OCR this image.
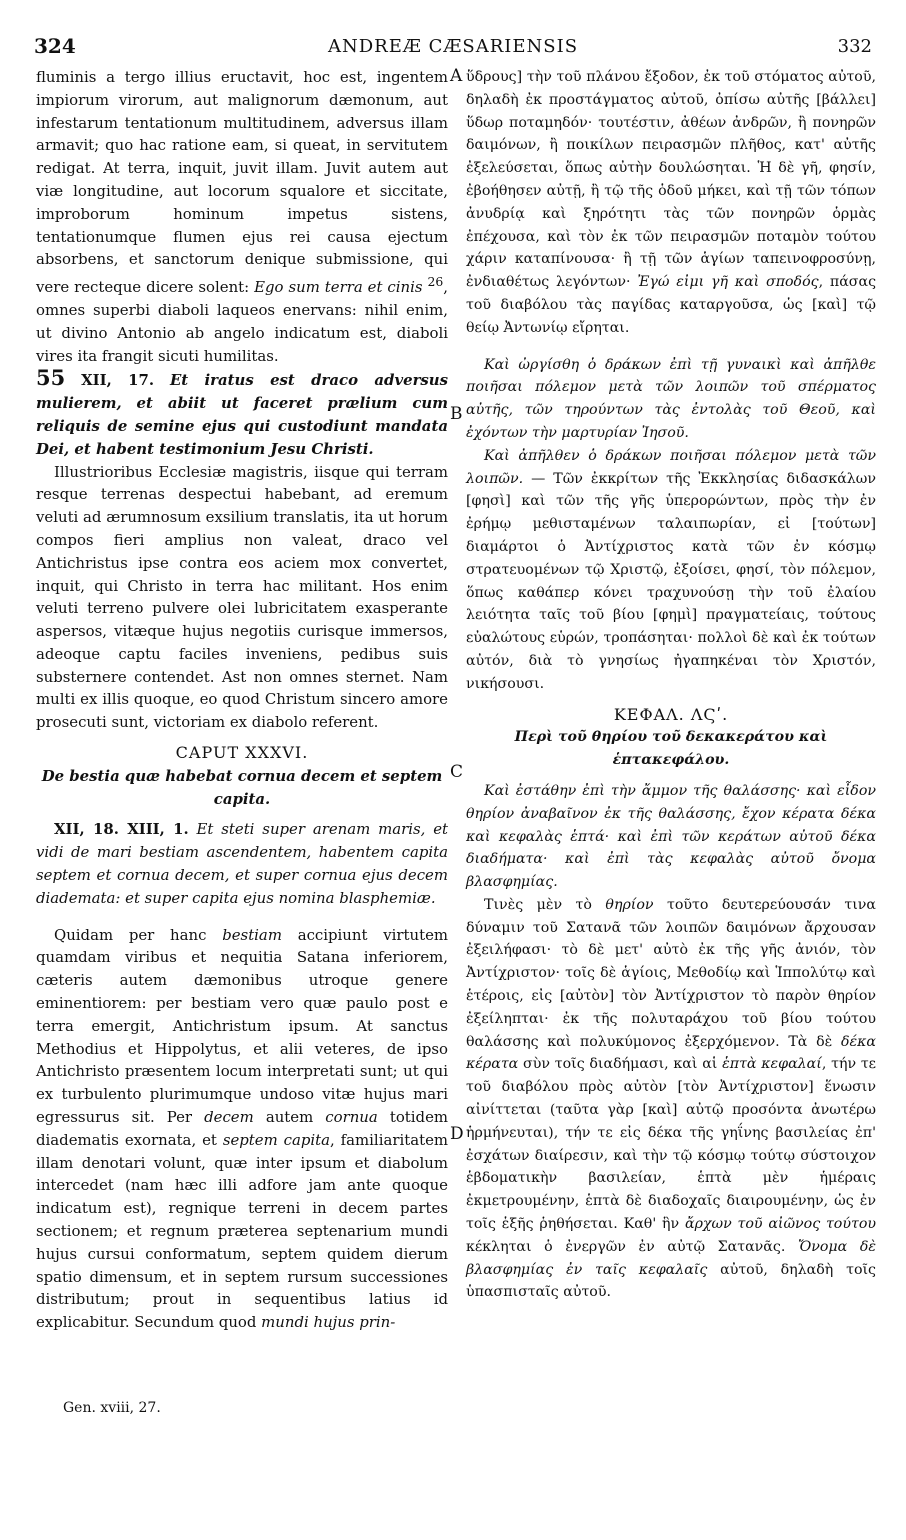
324	ANDREÆ CÆSARIENSIS	332
A
B
C
D

fluminis a tergo illius eructavit, hoc est, ingentem impiorum virorum, aut malignorum dæmonum, aut infestarum tentationum multitudinem, adversus illam armavit; quo hac ratione eam, si queat, in servitutem redigat. At terra, inquit, juvit illam. Juvit autem aut viæ longitudine, aut locorum squalore et siccitate, improborum hominum impetus sistens, tentationumque flumen ejus rei causa ejectum absorbens, et sanctorum denique submissione, qui vere recteque dicere solent: Ego sum terra et cinis $^{26}$, omnes superbi diaboli laqueos enervans: nihil enim, ut divino Antonio ab angelo indicatum est, diaboli vires ita frangit sicuti humilitas.

55 XII, 17. Et iratus est draco adversus mulierem, et abiit ut faceret prælium cum reliquis de semine ejus qui custodiunt mandata Dei, et habent testimonium Jesu Christi.

Illustrioribus Ecclesiæ magistris, iisque qui terram resque terrenas despectui habebant, ad eremum veluti ad ærumnosum exsilium translatis, ita ut horum compos fieri amplius non valeat, draco vel Antichristus ipse contra eos aciem mox convertet, inquit, qui Christo in terra hac militant. Hos enim veluti terreno pulvere olei lubricitatem exasperante aspersos, vitæque hujus negotiis curisque immersos, adeoque captu faciles inveniens, pedibus suis substernere contendet. Ast non omnes sternet. Nam multi ex illis quoque, eo quod Christum sincero amore prosecuti sunt, victoriam ex diabolo referent.

CAPUT XXXVI.

De bestia quæ habebat cornua decem et septem capita.

XII, 18. XIII, 1. Et steti super arenam maris, et vidi de mari bestiam ascendentem, habentem capita septem et cornua decem, et super cornua ejus decem diademata: et super capita ejus nomina blasphemiæ.

Quidam per hanc bestiam accipiunt virtutem quamdam viribus et nequitia Satana inferiorem, cæteris autem dæmonibus utroque genere eminentiorem: per bestiam vero quæ paulo post e terra emergit, Antichristum ipsum. At sanctus Methodius et Hippolytus, et alii veteres, de ipso Antichristo præsentem locum interpretati sunt; ut qui ex turbulento plurimumque undoso vitæ hujus mari egressurus sit. Per decem autem cornua totidem diadematis exornata, et septem capita, familiaritatem illam denotari volunt, quæ inter ipsum et diabolum intercedet (nam hæc illi adfore jam ante quoque indicatum est), regnique terreni in decem partes sectionem; et regnum præterea septenarium mundi hujus cursui conformatum, septem quidem dierum spatio dimensum, et in septem rursum successiones distributum; prout in sequentibus latius id explicabitur. Secundum quod mundi hujus prin-

ὕδρους] τὴν τοῦ πλάνου ἔξοδον, ἐκ τοῦ στόματος αὐτοῦ, δηλαδὴ ἐκ προστάγματος αὐτοῦ, ὀπίσω αὐτῆς [βάλλει] ὕδωρ ποταμηδόν· τουτέστιν, ἀθέων ἀνδρῶν, ἢ πονηρῶν δαιμόνων, ἢ ποικίλων πειρασμῶν πλῆθος, κατ' αὐτῆς ἐξελεύσεται, ὅπως αὐτὴν δουλώσηται. Ἡ δὲ γῆ, φησίν, ἐβοήθησεν αὐτῇ, ἢ τῷ τῆς ὁδοῦ μήκει, καὶ τῇ τῶν τόπων ἀνυδρίᾳ καὶ ξηρότητι τὰς τῶν πονηρῶν ὁρμὰς ἐπέχουσα, καὶ τὸν ἐκ τῶν πειρασμῶν ποταμὸν τούτου χάριν καταπίνουσα· ἢ τῇ τῶν ἁγίων ταπεινοφροσύνῃ, ἐνδιαθέτως λεγόντων· Ἐγώ εἰμι γῆ καὶ σποδός, πάσας τοῦ διαβόλου τὰς παγίδας καταργοῦσα, ὡς [καὶ] τῷ θείῳ Ἀντωνίῳ εἴρηται.

Καὶ ὠργίσθη ὁ δράκων ἐπὶ τῇ γυναικὶ καὶ ἀπῆλθε ποιῆσαι πόλεμον μετὰ τῶν λοιπῶν τοῦ σπέρματος αὐτῆς, τῶν τηρούντων τὰς ἐντολὰς τοῦ Θεοῦ, καὶ ἐχόντων τὴν μαρτυρίαν Ἰησοῦ.

Καὶ ἀπῆλθεν ὁ δράκων ποιῆσαι πόλεμον μετὰ τῶν λοιπῶν. — Τῶν ἐκκρίτων τῆς Ἐκκλησίας διδασκάλων [φησὶ] καὶ τῶν τῆς γῆς ὑπερορώντων, πρὸς τὴν ἐν ἐρήμῳ μεθισταμένων ταλαιπωρίαν, εἰ [τούτων] διαμάρτοι ὁ Ἀντίχριστος κατὰ τῶν ἐν κόσμῳ στρατευομένων τῷ Χριστῷ, ἐξοίσει, φησί, τὸν πόλεμον, ὅπως καθάπερ κόνει τραχυνούσῃ τὴν τοῦ ἐλαίου λειότητα ταῖς τοῦ βίου [φημὶ] πραγματείαις, τούτους εὐαλώτους εὑρών, τροπάσηται· πολλοὶ δὲ καὶ ἐκ τούτων αὐτόν, διὰ τὸ γνησίως ἠγαπηκέναι τὸν Χριστόν, νικήσουσι.

ΚΕΦΑΛ. ΛϚʹ.

Περὶ τοῦ θηρίου τοῦ δεκακεράτου καὶ ἑπτακεφάλου.

Καὶ ἐστάθην ἐπὶ τὴν ἄμμον τῆς θαλάσσης· καὶ εἶδον θηρίον ἀναβαῖνον ἐκ τῆς θαλάσσης, ἔχον κέρατα δέκα καὶ κεφαλὰς ἑπτά· καὶ ἐπὶ τῶν κεράτων αὐτοῦ δέκα διαδήματα· καὶ ἐπὶ τὰς κεφαλὰς αὐτοῦ ὄνομα βλασφημίας.

Τινὲς μὲν τὸ θηρίον τοῦτο δευτερεύουσάν τινα δύναμιν τοῦ Σατανᾶ τῶν λοιπῶν δαιμόνων ἄρχουσαν ἐξειλήφασι· τὸ δὲ μετ' αὐτὸ ἐκ τῆς γῆς ἀνιόν, τὸν Ἀντίχριστον· τοῖς δὲ ἁγίοις, Μεθοδίῳ καὶ Ἱππολύτῳ καὶ ἑτέροις, εἰς [αὐτὸν] τὸν Ἀντίχριστον τὸ παρὸν θηρίον ἐξείληπται· ἐκ τῆς πολυταράχου τοῦ βίου τούτου θαλάσσης καὶ πολυκύμονος ἐξερχόμενον. Τὰ δὲ δέκα κέρατα σὺν τοῖς διαδήμασι, καὶ αἱ ἑπτὰ κεφαλαί, τήν τε τοῦ διαβόλου πρὸς αὐτὸν [τὸν Ἀντίχριστον] ἕνωσιν αἰνίττεται (ταῦτα γὰρ [καὶ] αὐτῷ προσόντα ἀνωτέρω ἡρμήνευται), τήν τε εἰς δέκα τῆς γηΐνης βασιλείας ἐπ' ἐσχάτων διαίρεσιν, καὶ τὴν τῷ κόσμῳ τούτῳ σύστοιχον ἑβδοματικὴν βασιλείαν, ἑπτὰ μὲν ἡμέραις ἐκμετρουμένην, ἑπτὰ δὲ διαδοχαῖς διαιρουμένην, ὡς ἐν τοῖς ἑξῆς ῥηθήσεται. Καθ' ἣν ἄρχων τοῦ αἰῶνος τούτου κέκληται ὁ ἐνεργῶν ἐν αὐτῷ Σατανᾶς. Ὄνομα δὲ βλασφημίας ἐν ταῖς κεφαλαῖς αὐτοῦ, δηλαδὴ τοῖς ὑπασπισταῖς αὐτοῦ.

Gen. xviii, 27.
